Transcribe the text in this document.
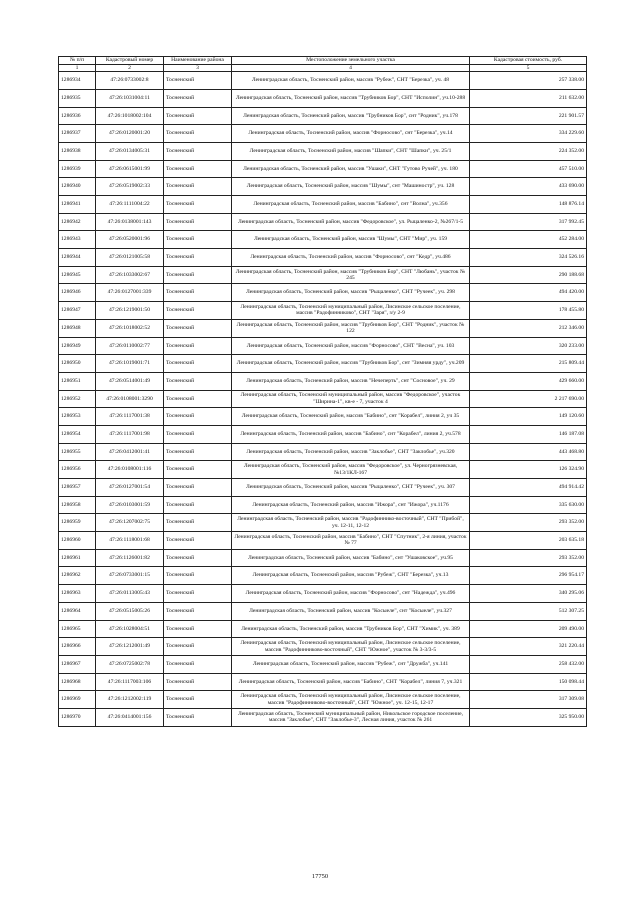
№ п/п	Кадастровый номер	Наименование района	Местоположение земельного участка	Кадастровая стоимость, руб.
1	2	3	4	5
1286934	47:26:0733002:8	Тосненский	Ленинградская область, Тосненский район, массив "Рубеж", СНТ "Березка", уч. 48	257 338.00
1286935	47:26:1031004:11	Тосненский	Ленинградская область, Тосненский район, массив "Трубников Бор", СНТ "Исполин", уч.10-288	211 632.00
1286936	47:26:1018002:104	Тосненский	Ленинградская область, Тосненский район, массив "Трубников Бор", снт "Родник", уч.178	221 901.57
1286937	47:26:0120001:20	Тосненский	Ленинградская область, Тосненский район, массив "Форносово", снт "Березка", уч.14	334 229.60
1286938	47:26:0134005:31	Тосненский	Ленинградская область, Тосненский район, массив "Шапки", СНТ "Шапки", уч. 25/1	224 352.00
1286939	47:26:0615001:99	Тосненский	Ленинградская область, Тосненский район, массив "Ушаки", СНТ "Гутово Ручей", уч. 180	457 510.00
1286940	47:26:0519002:33	Тосненский	Ленинградская область, Тосненский район, массив "Шумы", снт "Машиностр", уч. 128	433 690.00
1286941	47:26:1111004:22	Тосненский	Ленинградская область, Тосненский район, массив "Бабино", снт "Волна", уч.356	148 876.14
1286942	47:26:0138001:143	Тосненский	Ленинградская область, Тосненский район, массив "Федоровское", ул. Рыцаленко-2, №267/1-5	317 992.45
1286943	47:26:0520001:96	Тосненский	Ленинградская область, Тосненский район, массив "Шумы", СНТ "Мир", уч. 159	452 284.00
1286944	47:26:0121005:58	Тосненский	Ленинградская область, Тосненский район, массив "Форносово", снт "Кедр", уч.486	324 526.16
1286945	47:26:1033002:67	Тосненский	Ленинградская область, Тосненский район, массив "Трубников Бор", СНТ "Любань", участок № 245	290 188.68
1286946	47:26:0127001:339	Тосненский	Ленинградская область, Тосненский район, массив "Рыцаленко", СНТ "Ручеек", уч. 298	494 420.00
1286947	47:26:1219001:50	Тосненский	Ленинградская область, Тосненский муниципальный район, Лисинское сельское поселение, массив "Радофинниково", СНТ "Заря", з/у 2-9	178 455.80
1286948	47:26:1018002:52	Тосненский	Ленинградская область, Тосненский район, массив "Трубников Бор", СНТ "Родник", участок № 122	212 346.00
1286949	47:26:0110002:77	Тосненский	Ленинградская область, Тосненский район, массив "Форносово", СНТ "Весна", уч. 103	320 233.00
1286950	47:26:1019001:71	Тосненский	Ленинградская область, Тосненский район, массив "Трубников Бор", снт "Зимняя урду", уч.209	215 809.44
1286951	47:26:0514001:49	Тосненский	Ленинградская область, Тосненский район, массив "Нечеперть", снт "Сосновое", уч. 29	429 660.00
1286952	47:26:0108001:3290	Тосненский	Ленинградская область, Тосненский муниципальный район, массив "Федоровское", участок "Ширина-1", кв-е - 7, участок 4	2 217 690.00
1286953	47:26:1117001:38	Тосненский	Ленинградская область, Тосненский район, массив "Бабино", снт "Корабел", линия 2, уч 35	149 120.60
1286954	47:26:1117001:98	Тосненский	Ленинградская область, Тосненский район, массив "Бабино", снт "Корабел", линия 2, уч.578	146 187.08
1286955	47:26:0412001:41	Тосненский	Ленинградская область, Тосненский район, массив "Заклобье", СНТ "Заклобье", уч.320	443 468.80
1286956	47:26:0108001:116	Тосненский	Ленинградская область, Тосненский район, массив "Федоровское", ул. Черногрязневская, №13/1КЛ-167	126 324.90
1286957	47:26:0127001:54	Тосненский	Ленинградская область, Тосненский район, массив "Рыцаленко", СНТ "Ручеек", уч. 307	494 914.42
1286958	47:26:0103001:59	Тосненский	Ленинградская область, Тосненский район, массив "Ижора", снт "Ижора", уч.1176	335 630.00
1286959	47:26:1207002:75	Тосненский	Ленинградская область, Тосненский район, массив "Радофиннико-восточный", СНТ "Прибой", уч. 12-11, 12-12	293 352.00
1286960	47:26:1118001:68	Тосненский	Ленинградская область, Тосненский район, массив "Бабино", СНТ "Спутник", 2-я линия, участок № 77	203 635.18
1286961	47:26:1126001:82	Тосненский	Ленинградская область, Тосненский район, массив "Бабино", снт "Ушаковское", уч.95	293 352.00
1286962	47:26:0733001:15	Тосненский	Ленинградская область, Тосненский район, массив "Рубеж", СНТ "Березка", уч.13	296 954.17
1286963	47:26:0113005:43	Тосненский	Ленинградская область, Тосненский район, массив "Форносово", снт "Надежда", уч.496	340 295.06
1286964	47:26:0515005:26	Тосненский	Ленинградская область, Тосненский район, массив "Косыеле", снт "Косыеле", уч.327	512 307.25
1286965	47:26:1028004:51	Тосненский	Ленинградская область, Тосненский район, массив "Трубников Бор", СНТ "Химик", уч. 389	209 490.00
1286966	47:26:1212001:49	Тосненский	Ленинградская область, Тосненский муниципальный район, Лисинское сельское поселение, массив "Радофинниково-восточный", СНТ "Южное", участок № 3-3/3-5	321 220.44
1286967	47:26:0725002:78	Тосненский	Ленинградская область, Тосненский район, массив "Рубеж", снт "Дружба", уч.141	258 432.00
1286968	47:26:1117003:106	Тосненский	Ленинградская область, Тосненский район, массив "Бабино", СНТ "Корабел", линия 7, уч.321	150 098.44
1286969	47:26:1212002:119	Тосненский	Ленинградская область, Тосненский муниципальный район, Лисинское сельское поселение, массив "Радофинниково-восточный", СНТ "Южное", уч. 12-15, 12-17	317 309.08
1286970	47:26:0414001:156	Тосненский	Ленинградская область, Тосненский муниципальный район, Никольское городское поселение, массив "Заклобье", СНТ "Заклобье-3", Лесная линия, участок № 261	325 950.00
17750
